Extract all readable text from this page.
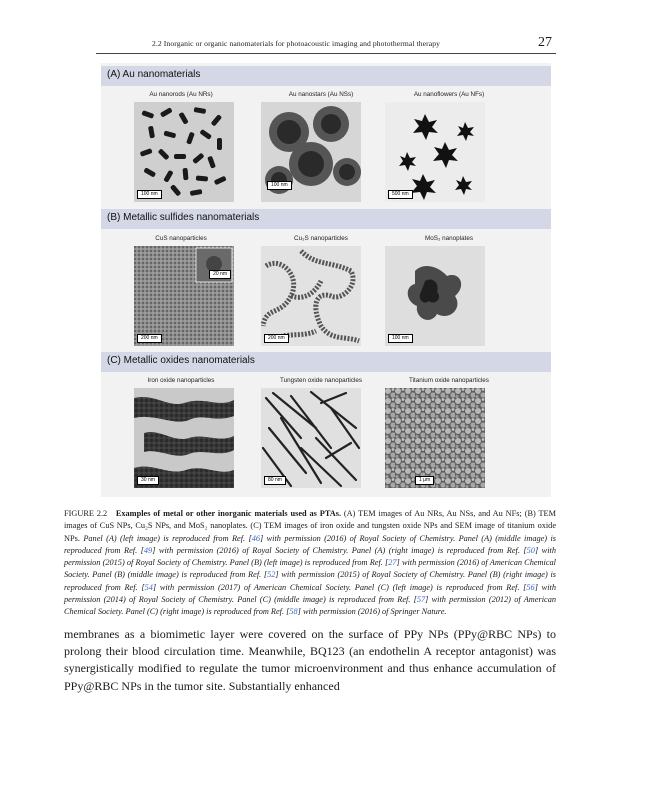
2.2 Inorganic or organic nanomaterials for photoacoustic imaging and photothermal therapy	27
(A) Au nanomaterials
Au nanorods (Au NRs)	Au nanostars (Au NSs)	Au nanoflowers (Au NFs)
100 nm
100 nm
500 nm
(B) Metallic sulfides nanomaterials
CuS nanoparticles	Cu₂S nanoparticles	MoS₂ nanoplates
20 nm
200 nm	200 nm	100 nm
(C) Metallic oxides nanomaterials
Iron oxide nanoparticles	Tungsten oxide nanoparticles	Titanium oxide nanoparticles
30 nm	80 nm	1 μm
FIGURE 2.2 Examples of metal or other inorganic materials used as PTAs. (A) TEM images of Au NRs, Au NSs, and Au NFs; (B) TEM images of CuS NPs, Cu₂S NPs, and MoS₂ nanoplates. (C) TEM images of iron oxide and tungsten oxide NPs and SEM image of titanium oxide NPs. Panel (A) (left image) is reproduced from Ref. [46] with permission (2016) of Royal Society of Chemistry. Panel (A) (middle image) is reproduced from Ref. [49] with permission (2016) of Royal Society of Chemistry. Panel (A) (right image) is reproduced from Ref. [50] with permission (2015) of Royal Society of Chemistry. Panel (B) (left image) is reproduced from Ref. [27] with permission (2016) of American Chemical Society. Panel (B) (middle image) is reproduced from Ref. [52] with permission (2015) of Royal Society of Chemistry. Panel (B) (right image) is reproduced from Ref. [54] with permission (2017) of American Chemical Society. Panel (C) (left image) is reproduced from Ref. [56] with permission (2014) of Royal Society of Chemistry. Panel (C) (middle image) is reproduced from Ref. [57] with permission (2012) of American Chemical Society. Panel (C) (right image) is reproduced from Ref. [58] with permission (2016) of Springer Nature.
membranes as a biomimetic layer were covered on the surface of PPy NPs (PPy@RBC NPs) to prolong their blood circulation time. Meanwhile, BQ123 (an endothelin A receptor antagonist) was synergistically modified to regulate the tumor microenvironment and thus enhance accumulation of PPy@RBC NPs in the tumor site. Substantially enhanced
